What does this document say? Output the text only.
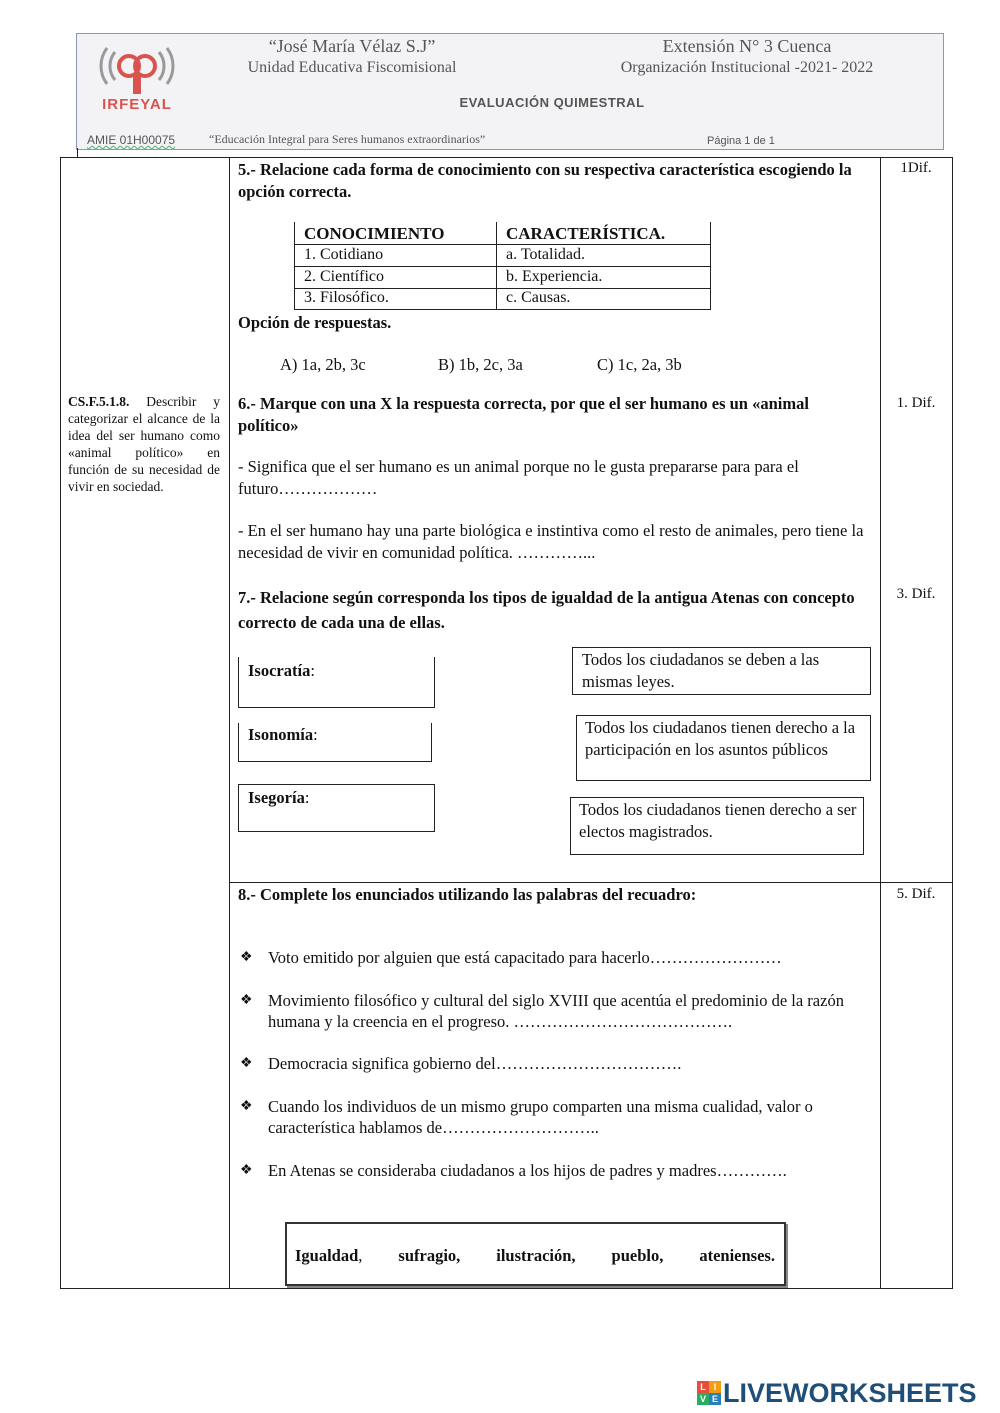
IRFEYAL
“José María Vélaz S.J”
Unidad Educativa Fiscomisional
Extensión N° 3 Cuenca
Organización Institucional -2021- 2022
EVALUACIÓN QUIMESTRAL
AMIE 01H00075	“Educación Integral para Seres humanos extraordinarios”	Página 1 de 1
CS.F.5.1.8. Describir y categorizar el alcance de la idea del ser humano como «animal político» en función de su necesidad de vivir en sociedad.
5.- Relacione cada forma de conocimiento con su respectiva característica escogiendo la opción correcta.
1Dif.
CONOCIMIENTO	CARACTERÍSTICA.
1. Cotidiano	a. Totalidad.
2. Científico	b. Experiencia.
3. Filosófico.	c. Causas.
Opción de respuestas.
A) 1a, 2b, 3c	B) 1b, 2c, 3a	C) 1c, 2a, 3b
6.- Marque con una X la respuesta correcta, por que el ser humano es un «animal político»
1. Dif.
- Significa que el ser humano es un animal porque no le gusta prepararse para para el futuro………………
- En el ser humano hay una parte biológica e instintiva como el resto de animales, pero tiene la necesidad de vivir en comunidad política. …………...
7.- Relacione según corresponda los tipos de igualdad de la antigua Atenas con concepto correcto de cada una de ellas.
3. Dif.
Isocratía:
Isonomía:
Isegoría:
Todos los ciudadanos se deben a las mismas leyes.
Todos los ciudadanos tienen derecho a la participación en los asuntos públicos
Todos los ciudadanos tienen derecho a ser electos magistrados.
8.- Complete los enunciados utilizando las palabras del recuadro:	5. Dif.
❖ Voto emitido por alguien que está capacitado para hacerlo……………………
❖ Movimiento filosófico y cultural del siglo XVIII que acentúa el predominio de la razón humana y la creencia en el progreso. ………………………………….
❖ Democracia significa gobierno del…………………………….
❖ Cuando los individuos de un mismo grupo comparten una misma cualidad, valor o característica hablamos de………………………..
❖ En Atenas se consideraba ciudadanos a los hijos de padres y madres………….
Igualdad, sufragio, ilustración, pueblo, atenienses.
L I
V E LIVEWORKSHEETS
